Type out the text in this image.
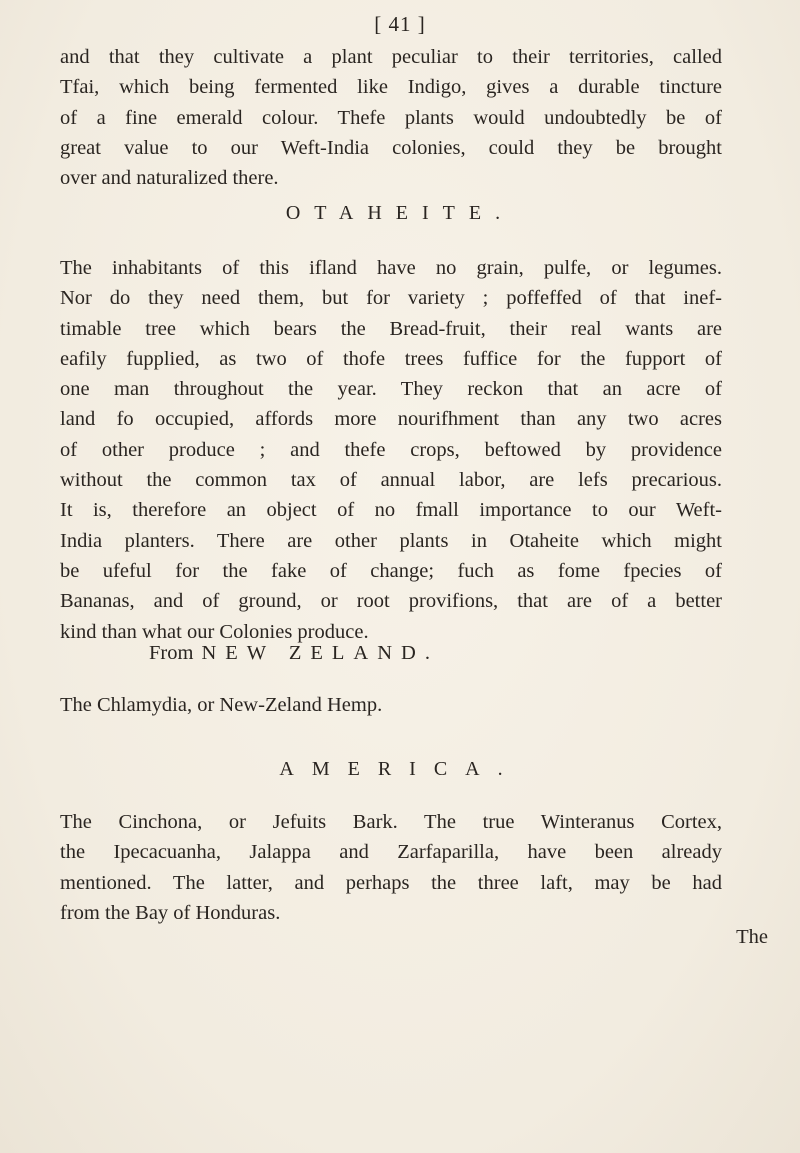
[ 41 ]
and that they cultivate a plant peculiar to their territories, called
Tfai, which being fermented like Indigo, gives a durable tincture
of a fine emerald colour. Thefe plants would undoubtedly be of
great value to our Weft-India colonies, could they be brought
over and naturalized there.
OTAHEITE.
The inhabitants of this ifland have no grain, pulfe, or legumes.
Nor do they need them, but for variety ; poffeffed of that inef-
timable tree which bears the Bread-fruit, their real wants are
eafily fupplied, as two of thofe trees fuffice for the fupport of
one man throughout the year. They reckon that an acre of
land fo occupied, affords more nourifhment than any two acres
of other produce ; and thefe crops, beftowed by providence
without the common tax of annual labor, are lefs precarious.
It is, therefore an object of no fmall importance to our Weft-
India planters. There are other plants in Otaheite which might
be ufeful for the fake of change; fuch as fome fpecies of
Bananas, and of ground, or root provifions, that are of a better
kind than what our Colonies produce.
From NEW ZELAND.
The Chlamydia, or New-Zeland Hemp.
AMERICA.
The Cinchona, or Jefuits Bark. The true Winteranus Cortex,
the Ipecacuanha, Jalappa and Zarfaparilla, have been already
mentioned. The latter, and perhaps the three laft, may be had
from the Bay of Honduras.
The
